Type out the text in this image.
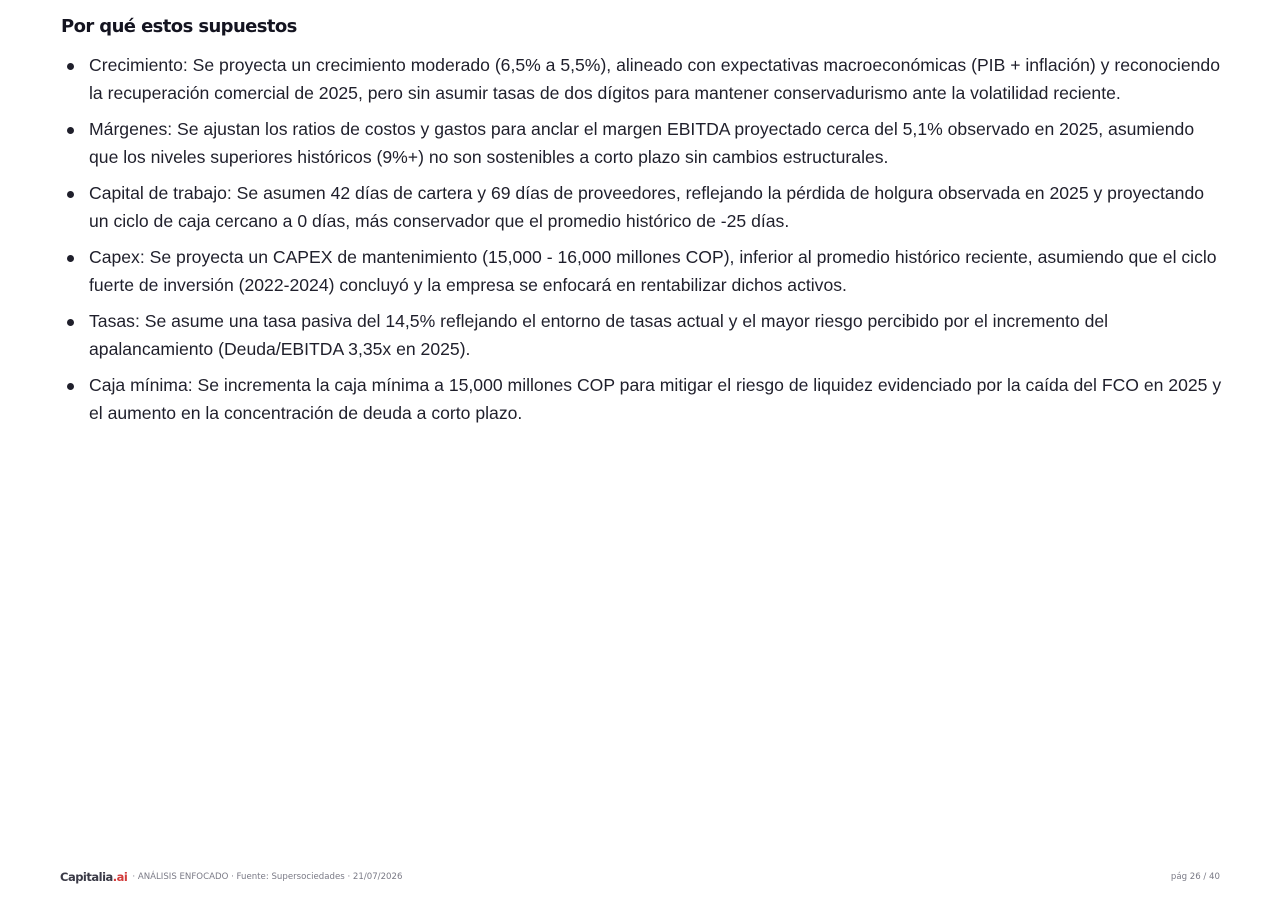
Por qué estos supuestos
Crecimiento: Se proyecta un crecimiento moderado (6,5% a 5,5%), alineado con expectativas macroeconómicas (PIB + inflación) y reconociendo la recuperación comercial de 2025, pero sin asumir tasas de dos dígitos para mantener conservadurismo ante la volatilidad reciente.
Márgenes: Se ajustan los ratios de costos y gastos para anclar el margen EBITDA proyectado cerca del 5,1% observado en 2025, asumiendo que los niveles superiores históricos (9%+) no son sostenibles a corto plazo sin cambios estructurales.
Capital de trabajo: Se asumen 42 días de cartera y 69 días de proveedores, reflejando la pérdida de holgura observada en 2025 y proyectando un ciclo de caja cercano a 0 días, más conservador que el promedio histórico de -25 días.
Capex: Se proyecta un CAPEX de mantenimiento (15,000 - 16,000 millones COP), inferior al promedio histórico reciente, asumiendo que el ciclo fuerte de inversión (2022-2024) concluyó y la empresa se enfocará en rentabilizar dichos activos.
Tasas: Se asume una tasa pasiva del 14,5% reflejando el entorno de tasas actual y el mayor riesgo percibido por el incremento del apalancamiento (Deuda/EBITDA 3,35x en 2025).
Caja mínima: Se incrementa la caja mínima a 15,000 millones COP para mitigar el riesgo de liquidez evidenciado por la caída del FCO en 2025 y el aumento en la concentración de deuda a corto plazo.
Capitalia.ai · ANÁLISIS ENFOCADO · Fuente: Supersociedades · 21/07/2026	pág 26 / 40
